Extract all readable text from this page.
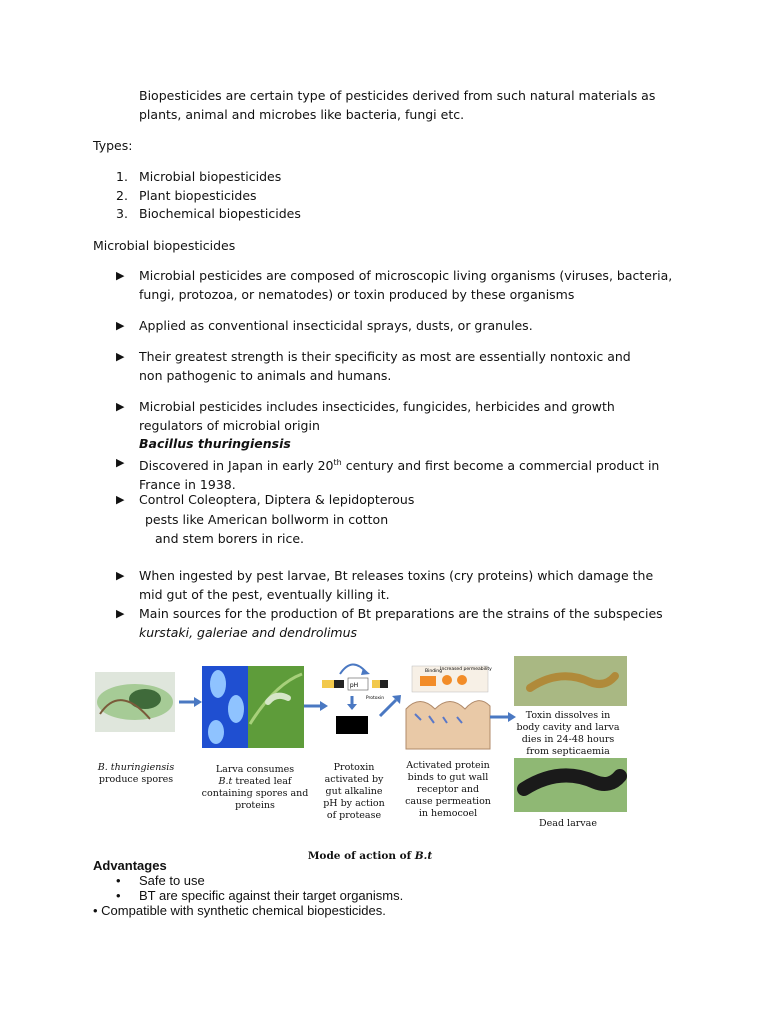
Biopesticides are certain type of pesticides derived from such natural materials as plants, animal and microbes like bacteria, fungi etc.
Types:
1. Microbial biopesticides
2. Plant biopesticides
3. Biochemical biopesticides
Microbial biopesticides
▶ Microbial pesticides are composed of microscopic living organisms (viruses, bacteria, fungi, protozoa, or nematodes) or toxin produced by these organisms
▶ Applied as conventional insecticidal sprays, dusts, or granules.
▶ Their greatest strength is their specificity as most are essentially nontoxic and non pathogenic to animals and humans.
▶ Microbial pesticides includes insecticides, fungicides, herbicides and growth regulators of microbial origin
Bacillus thuringiensis
▶ Discovered in Japan in early 20th century and first become a commercial product in France in 1938.
▶ Control Coleoptera, Diptera & lepidopterous
pests like American bollworm in cotton
and stem borers in rice.
▶ When ingested by pest larvae, Bt releases toxins (cry proteins) which damage the mid gut of the pest, eventually killing it.
▶ Main sources for the production of Bt preparations are the strains of the subspecies kurstaki, galeriae and dendrolimus
pH
Protoxin
Binding
Increased permeability
B. thuringiensis
produce spores
Larva consumes
B.t treated leaf containing spores and proteins
Protoxin activated by gut alkaline pH by action of protease
Activated protein binds to gut wall receptor and cause permeation in hemocoel
Toxin dissolves in body cavity and larva dies in 24-48 hours from septicaemia
Dead larvae
Mode of action of B.t
Advantages
• Safe to use
• BT are specific against their target organisms.
• Compatible with synthetic chemical biopesticides.
